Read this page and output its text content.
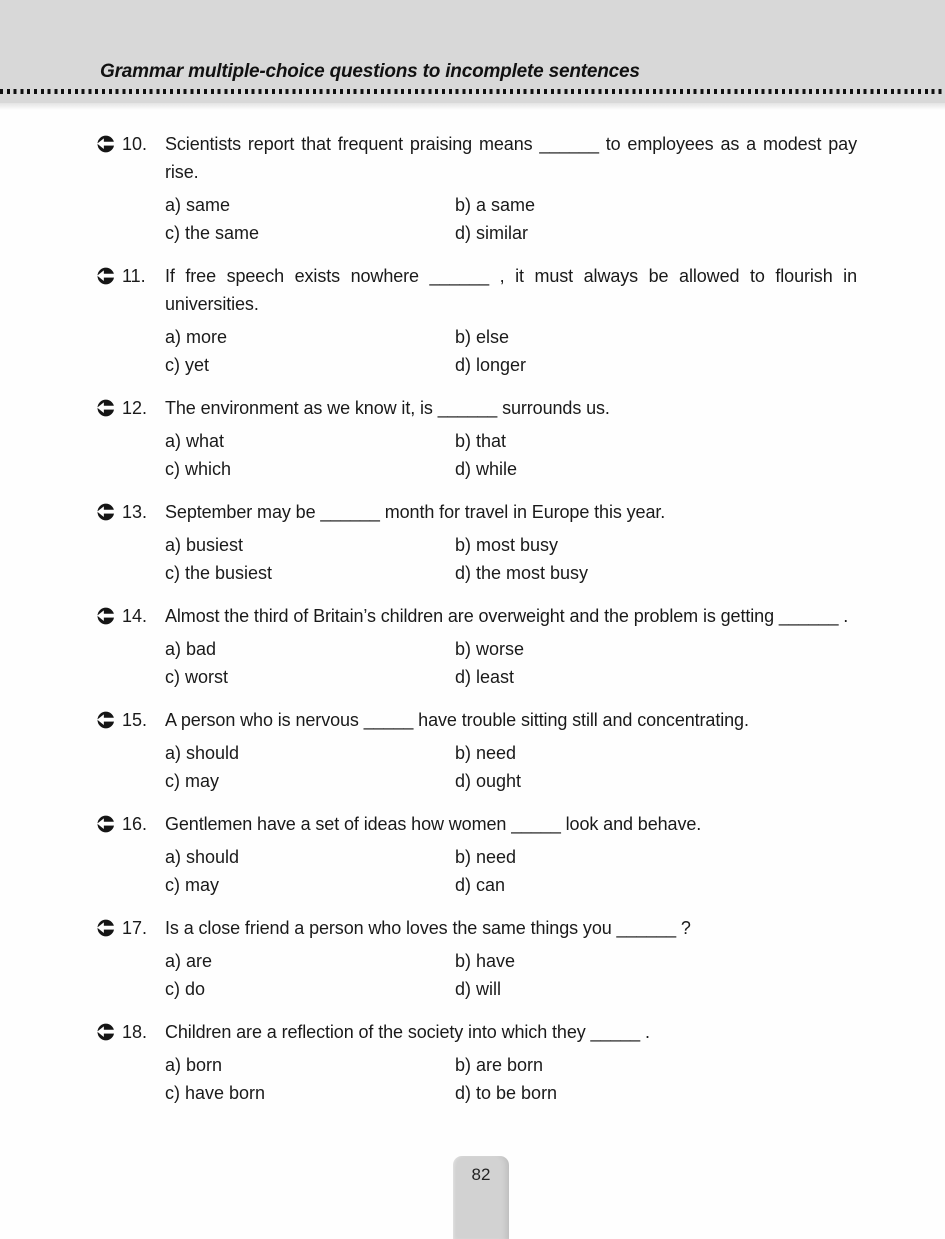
Grammar multiple-choice questions to incomplete sentences
10. Scientists report that frequent praising means ______ to employees as a modest pay rise.

a) same	b) a same
c) the same	d) similar
11.	If free speech exists nowhere ______ , it must always be allowed to flourish in universities.

a) more	b) else
c) yet	d) longer
12. The environment as we know it, is ______ surrounds us.

a) what	b) that
c) which	d) while
13. September may be ______ month for travel in Europe this year.

a) busiest	b) most busy
c) the busiest	d) the most busy
14. Almost the third of Britain’s children are overweight and the problem is getting ______ .

a) bad	b) worse
c) worst	d) least
15. A person who is nervous _____ have trouble sitting still and concentrating.

a) should	b) need
c) may	d) ought
16. Gentlemen have a set of ideas how women _____ look and behave.

a) should	b) need
c) may	d) can
17. Is a close friend a person who loves the same things you ______ ?

a) are	b) have
c) do	d) will
18. Children are a reflection of the society into which they _____ .

a) born	b) are born
c) have born	d) to be born
82
